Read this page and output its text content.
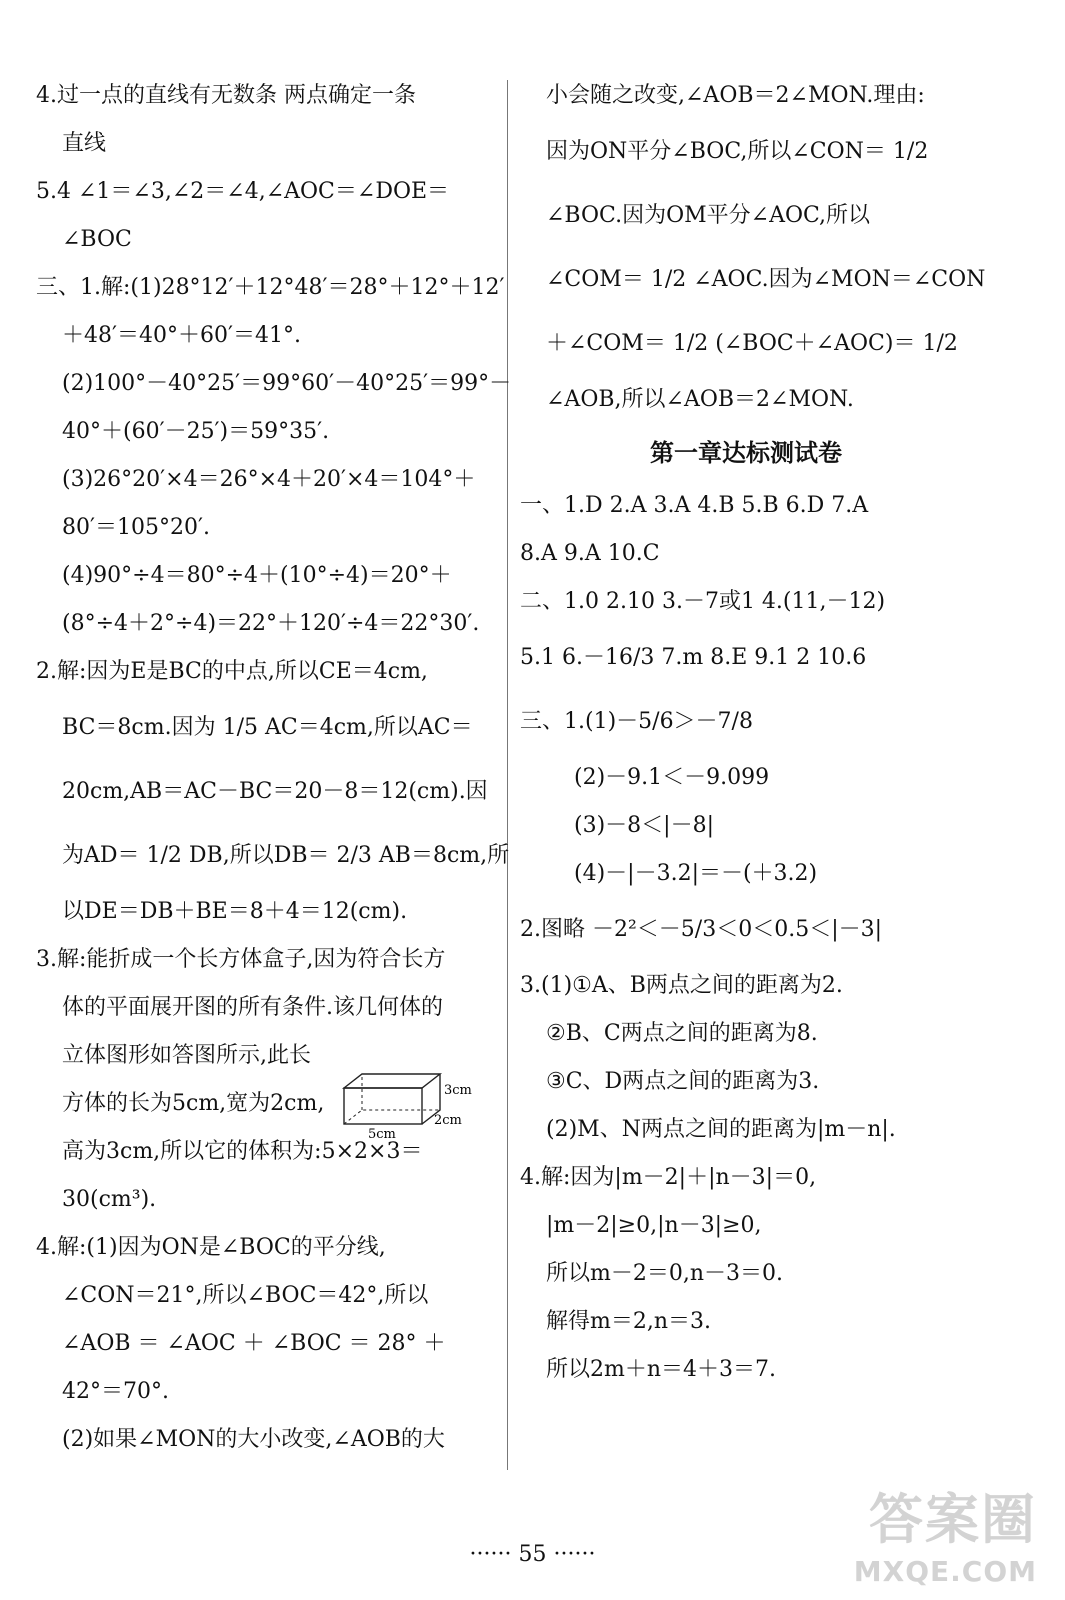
4.过一点的直线有无数条 两点确定一条
直线
5.4 ∠1＝∠3,∠2＝∠4,∠AOC＝∠DOE＝
∠BOC
三、1.解:(1)28°12′＋12°48′＝28°＋12°＋12′
＋48′＝40°＋60′＝41°.
(2)100°－40°25′＝99°60′－40°25′＝99°－
40°＋(60′－25′)＝59°35′.
(3)26°20′×4＝26°×4＋20′×4＝104°＋
80′＝105°20′.
(4)90°÷4＝80°÷4＋(10°÷4)＝20°＋
(8°÷4＋2°÷4)＝22°＋120′÷4＝22°30′.
2.解:因为E是BC的中点,所以CE＝4cm,
BC＝8cm.因为 1/5 AC＝4cm,所以AC＝
20cm,AB＝AC－BC＝20－8＝12(cm).因
为AD＝ 1/2 DB,所以DB＝ 2/3 AB＝8cm,所
以DE＝DB＋BE＝8＋4＝12(cm).
3.解:能折成一个长方体盒子,因为符合长方
体的平面展开图的所有条件.该几何体的
立体图形如答图所示,此长
方体的长为5cm,宽为2cm,
高为3cm,所以它的体积为:5×2×3＝
30(cm³).
4.解:(1)因为ON是∠BOC的平分线,
∠CON＝21°,所以∠BOC＝42°,所以
∠AOB ＝ ∠AOC ＋ ∠BOC ＝ 28° ＋
42°＝70°.
(2)如果∠MON的大小改变,∠AOB的大
3cm
2cm
5cm
小会随之改变,∠AOB＝2∠MON.理由:
因为ON平分∠BOC,所以∠CON＝ 1/2
∠BOC.因为OM平分∠AOC,所以
∠COM＝ 1/2 ∠AOC.因为∠MON＝∠CON
＋∠COM＝ 1/2 (∠BOC＋∠AOC)＝ 1/2
∠AOB,所以∠AOB＝2∠MON.
第一章达标测试卷
一、1.D 2.A 3.A 4.B 5.B 6.D 7.A
8.A 9.A 10.C
二、1.0 2.10 3.－7或1 4.(11,－12)
5.1 6.－16/3 7.m 8.E 9.1 2 10.6
三、1.(1)－5/6＞－7/8
(2)－9.1＜－9.099
(3)－8＜|－8|
(4)－|－3.2|＝－(＋3.2)
2.图略 －2²＜－5/3＜0＜0.5＜|－3|
3.(1)①A、B两点之间的距离为2.
②B、C两点之间的距离为8.
③C、D两点之间的距离为3.
(2)M、N两点之间的距离为|m－n|.
4.解:因为|m－2|＋|n－3|＝0,
|m－2|≥0,|n－3|≥0,
所以m－2＝0,n－3＝0.
解得m＝2,n＝3.
所以2m＋n＝4＋3＝7.
······ 55 ······
答案圈
MXQE.COM
